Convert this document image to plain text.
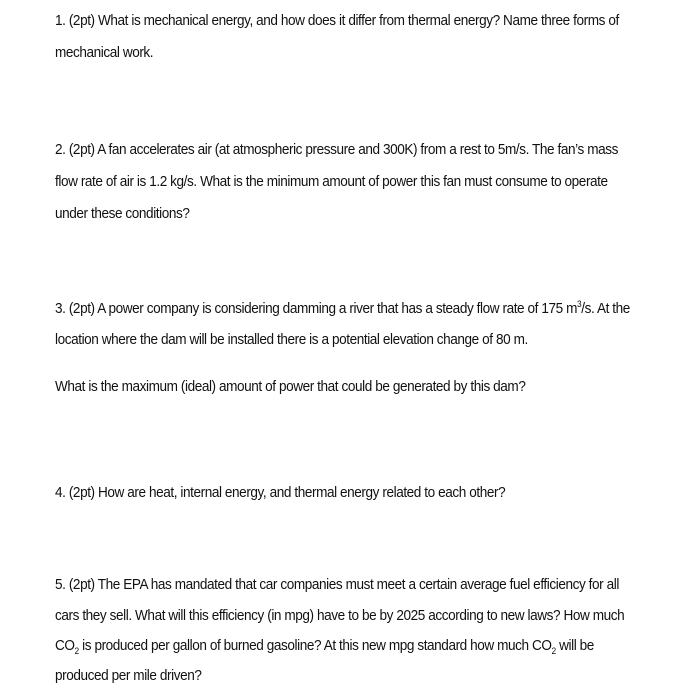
1. (2pt) What is mechanical energy, and how does it differ from thermal energy? Name three forms of
mechanical work.
2. (2pt) A fan accelerates air (at atmospheric pressure and 300K) from a rest to 5m/s. The fan’s mass
flow rate of air is 1.2 kg/s. What is the minimum amount of power this fan must consume to operate
under these conditions?
3. (2pt) A power company is considering damming a river that has a steady flow rate of 175 $m^3/s$. At the
location where the dam will be installed there is a potential elevation change of 80 m.
What is the maximum (ideal) amount of power that could be generated by this dam?
4. (2pt) How are heat, internal energy, and thermal energy related to each other?
5. (2pt) The EPA has mandated that car companies must meet a certain average fuel efficiency for all
cars they sell. What will this efficiency (in mpg) have to be by 2025 according to new laws? How much
$CO_2$ is produced per gallon of burned gasoline? At this new mpg standard how much $CO_2$ will be
produced per mile driven?
